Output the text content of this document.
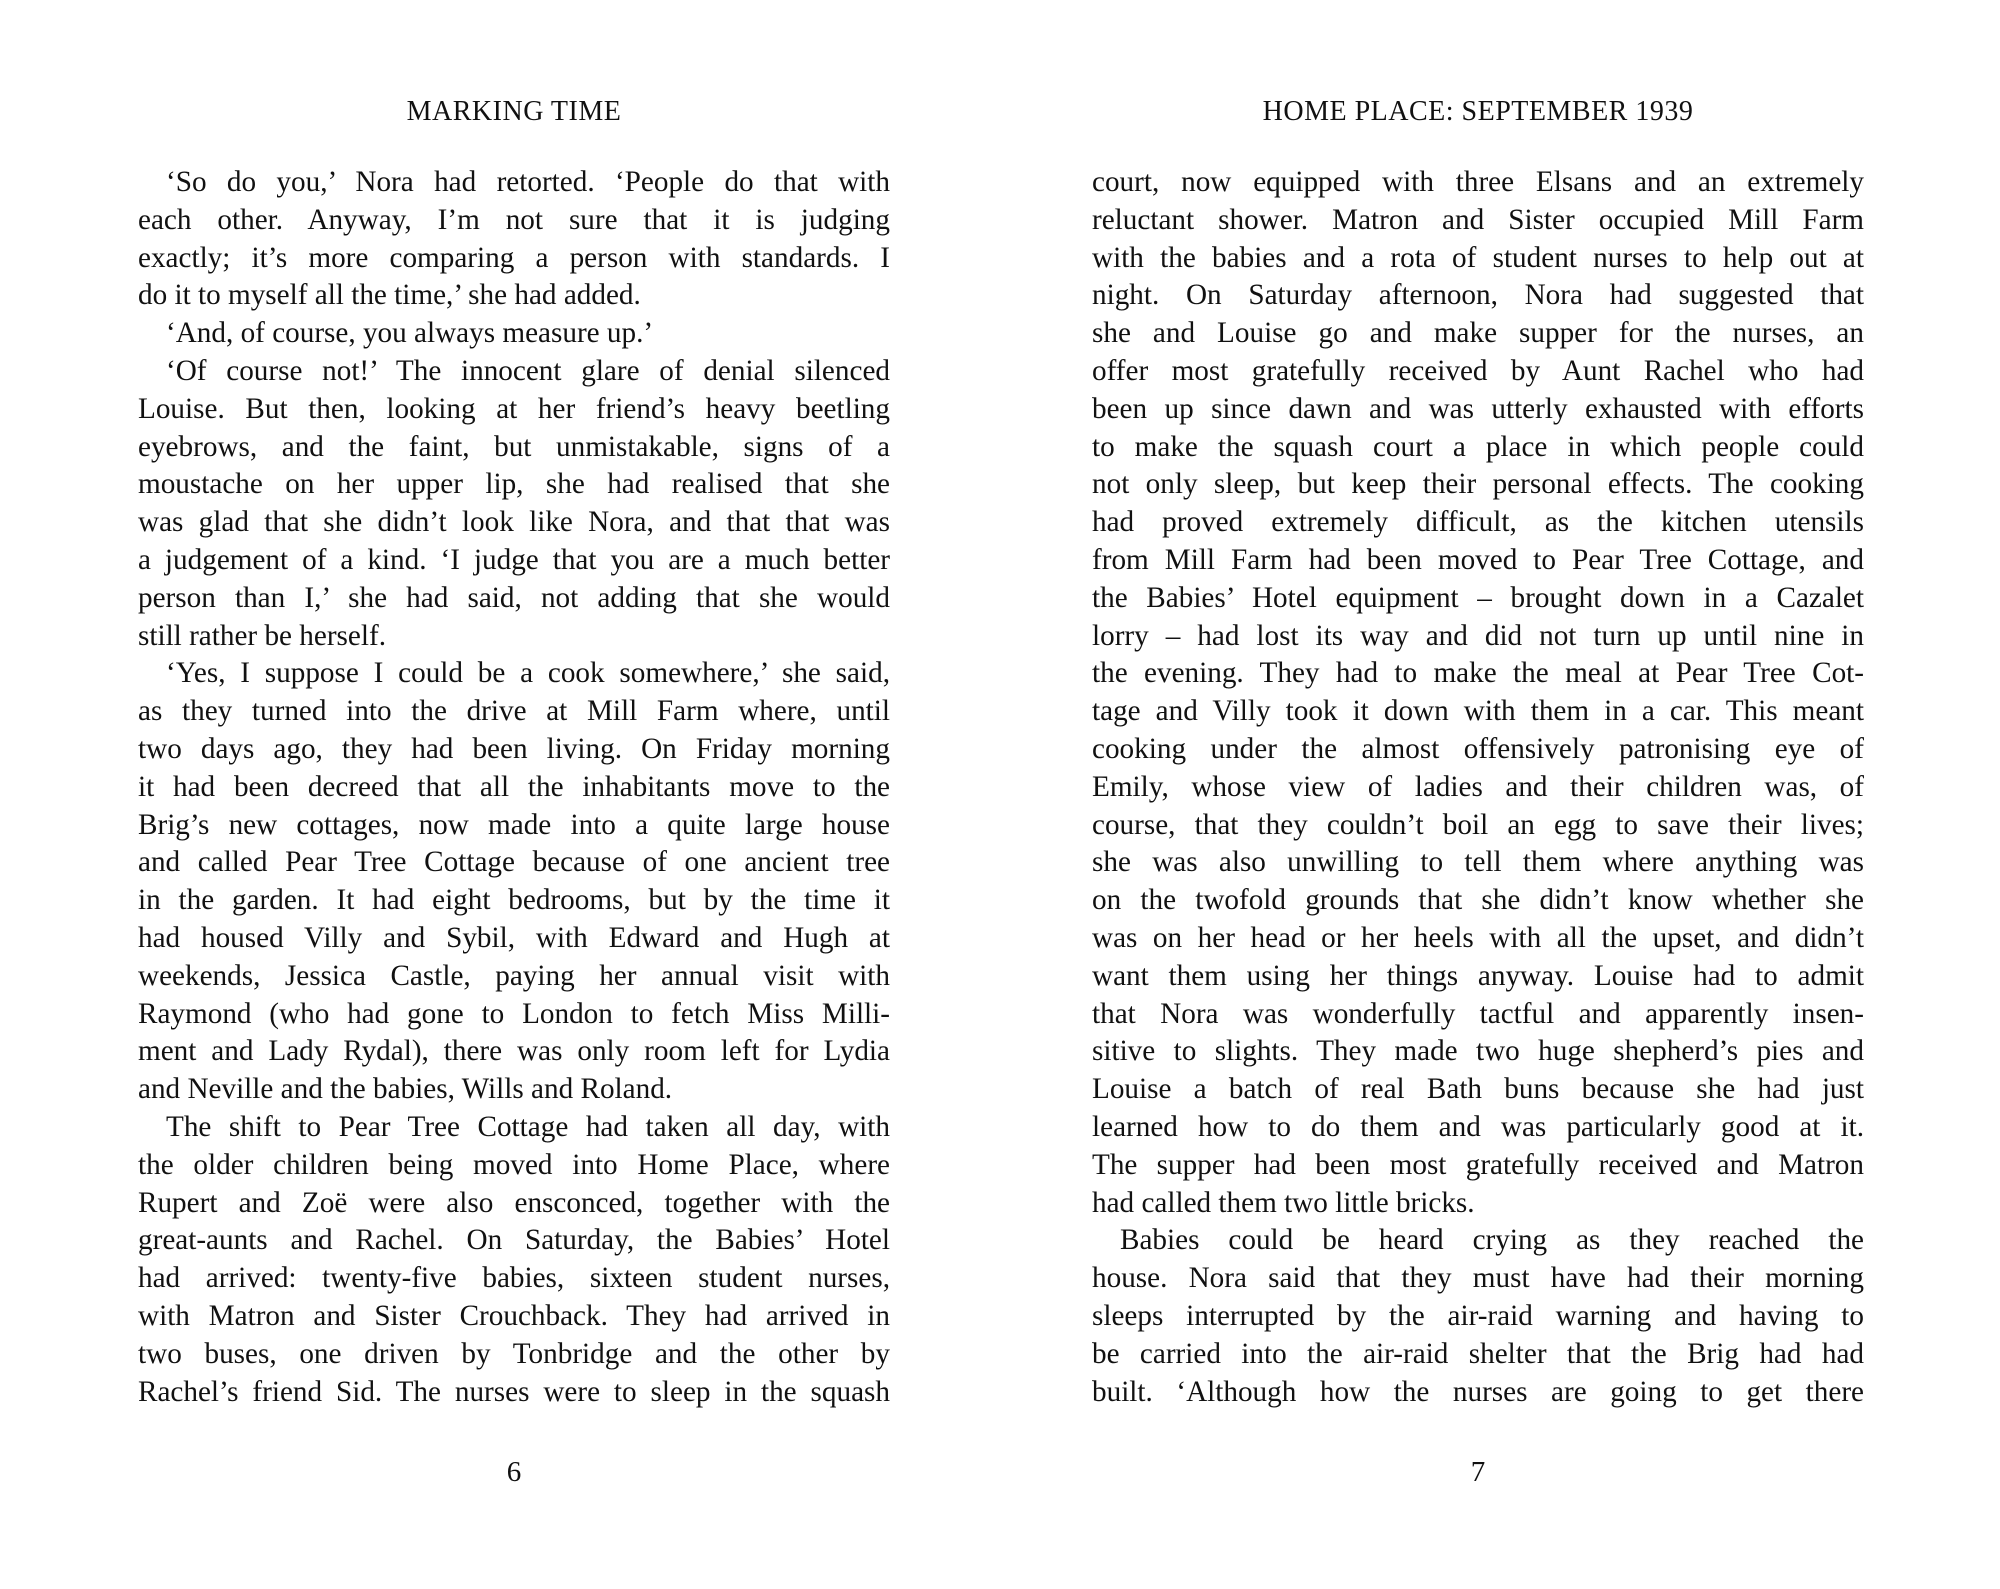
MARKING TIME
‘So do you,’ Nora had retorted. ‘People do that with
each other. Anyway, I’m not sure that it is judging
exactly; it’s more comparing a person with standards. I
do it to myself all the time,’ she had added.
‘And, of course, you always measure up.’
‘Of course not!’ The innocent glare of denial silenced
Louise. But then, looking at her friend’s heavy beetling
eyebrows, and the faint, but unmistakable, signs of a
moustache on her upper lip, she had realised that she
was glad that she didn’t look like Nora, and that that was
a judgement of a kind. ‘I judge that you are a much better
person than I,’ she had said, not adding that she would
still rather be herself.
‘Yes, I suppose I could be a cook somewhere,’ she said,
as they turned into the drive at Mill Farm where, until
two days ago, they had been living. On Friday morning
it had been decreed that all the inhabitants move to the
Brig’s new cottages, now made into a quite large house
and called Pear Tree Cottage because of one ancient tree
in the garden. It had eight bedrooms, but by the time it
had housed Villy and Sybil, with Edward and Hugh at
weekends, Jessica Castle, paying her annual visit with
Raymond (who had gone to London to fetch Miss Milli-
ment and Lady Rydal), there was only room left for Lydia
and Neville and the babies, Wills and Roland.
The shift to Pear Tree Cottage had taken all day, with
the older children being moved into Home Place, where
Rupert and Zoë were also ensconced, together with the
great-aunts and Rachel. On Saturday, the Babies’ Hotel
had arrived: twenty-five babies, sixteen student nurses,
with Matron and Sister Crouchback. They had arrived in
two buses, one driven by Tonbridge and the other by
Rachel’s friend Sid. The nurses were to sleep in the squash
6
HOME PLACE: SEPTEMBER 1939
court, now equipped with three Elsans and an extremely
reluctant shower. Matron and Sister occupied Mill Farm
with the babies and a rota of student nurses to help out at
night. On Saturday afternoon, Nora had suggested that
she and Louise go and make supper for the nurses, an
offer most gratefully received by Aunt Rachel who had
been up since dawn and was utterly exhausted with efforts
to make the squash court a place in which people could
not only sleep, but keep their personal effects. The cooking
had proved extremely difficult, as the kitchen utensils
from Mill Farm had been moved to Pear Tree Cottage, and
the Babies’ Hotel equipment – brought down in a Cazalet
lorry – had lost its way and did not turn up until nine in
the evening. They had to make the meal at Pear Tree Cot-
tage and Villy took it down with them in a car. This meant
cooking under the almost offensively patronising eye of
Emily, whose view of ladies and their children was, of
course, that they couldn’t boil an egg to save their lives;
she was also unwilling to tell them where anything was
on the twofold grounds that she didn’t know whether she
was on her head or her heels with all the upset, and didn’t
want them using her things anyway. Louise had to admit
that Nora was wonderfully tactful and apparently insen-
sitive to slights. They made two huge shepherd’s pies and
Louise a batch of real Bath buns because she had just
learned how to do them and was particularly good at it.
The supper had been most gratefully received and Matron
had called them two little bricks.
Babies could be heard crying as they reached the
house. Nora said that they must have had their morning
sleeps interrupted by the air-raid warning and having to
be carried into the air-raid shelter that the Brig had had
built. ‘Although how the nurses are going to get there
7
